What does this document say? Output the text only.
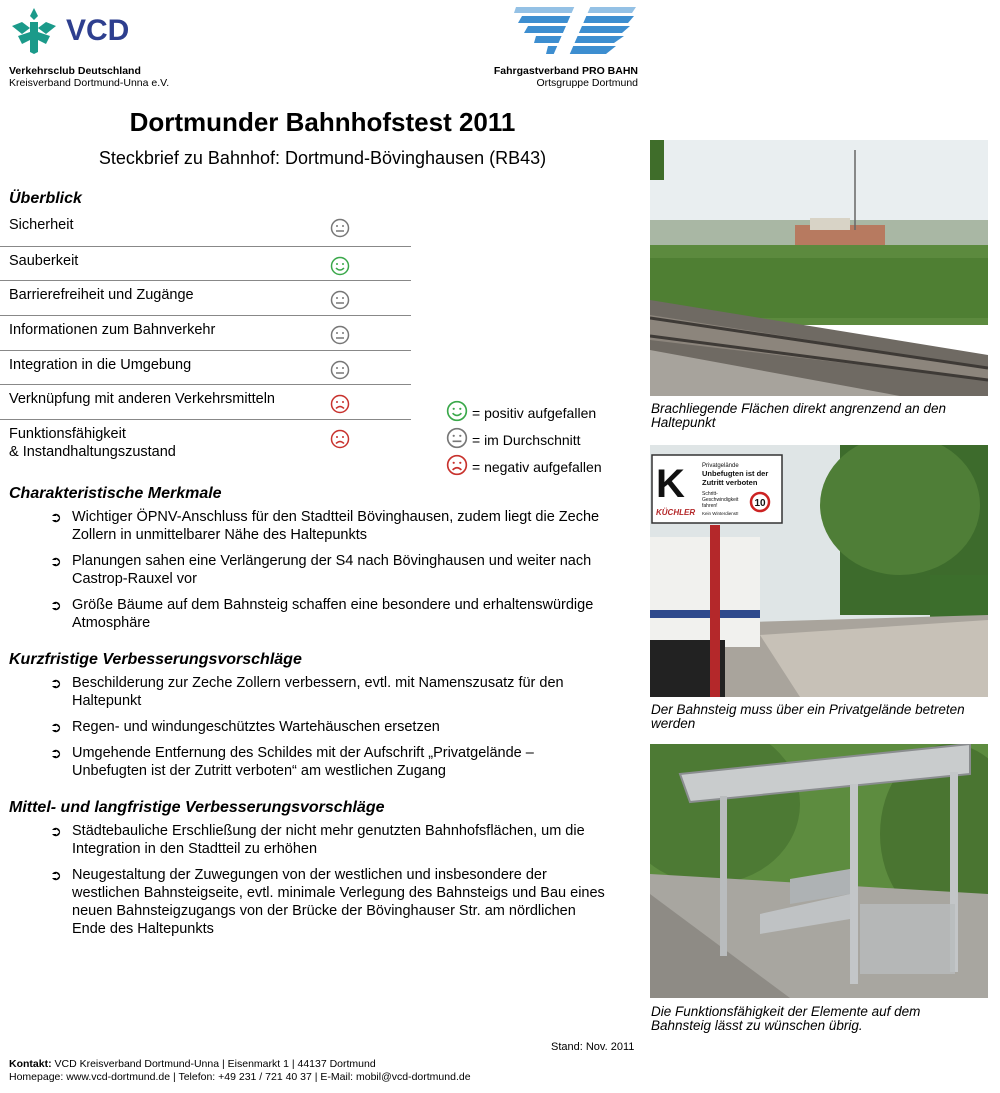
VCD
Verkehrsclub Deutschland
Kreisverband Dortmund-Unna e.V.
Fahrgastverband PRO BAHN
Ortsgruppe Dortmund
Dortmunder Bahnhofstest 2011
Steckbrief zu Bahnhof: Dortmund-Bövinghausen (RB43)
Überblick
Sicherheit
Sauberkeit
Barrierefreiheit und Zugänge
Informationen zum Bahnverkehr
Integration in die Umgebung
Verknüpfung mit anderen Verkehrsmitteln
Funktionsfähigkeit
& Instandhaltungszustand
= positiv aufgefallen
= im Durchschnitt
= negativ aufgefallen
Charakteristische Merkmale
➲ Wichtiger ÖPNV-Anschluss für den Stadtteil Bövinghausen, zudem liegt die Zeche
Zollern in unmittelbarer Nähe des Haltepunkts
➲ Planungen sahen eine Verlängerung der S4 nach Bövinghausen und weiter nach
Castrop-Rauxel vor
➲ Größe Bäume auf dem Bahnsteig schaffen eine besondere und erhaltenswürdige
Atmosphäre
Kurzfristige Verbesserungsvorschläge
➲ Beschilderung zur Zeche Zollern verbessern, evtl. mit Namenszusatz für den
Haltepunkt
➲ Regen- und windungeschütztes Wartehäuschen ersetzen
➲ Umgehende Entfernung des Schildes mit der Aufschrift „Privatgelände –
Unbefugten ist der Zutritt verboten“ am westlichen Zugang
Mittel- und langfristige Verbesserungsvorschläge
➲ Städtebauliche Erschließung der nicht mehr genutzten Bahnhofsflächen, um die
Integration in den Stadtteil zu erhöhen
➲ Neugestaltung der Zuwegungen von der westlichen und insbesondere der
westlichen Bahnsteigseite, evtl. minimale Verlegung des Bahnsteigs und Bau eines
neuen Bahnsteigzugangs von der Brücke der Bövinghauser Str. am nördlichen
Ende des Haltepunkts
Brachliegende Flächen direkt angrenzend an den
Haltepunkt
K
KÜCHLER
Privatgelände
Unbefugten ist der
Zutritt verboten
Schritt-
Geschwindigkeit
fahren!
Kein Winterdienst!
10
Der Bahnsteig muss über ein Privatgelände betreten
werden
Die Funktionsfähigkeit der Elemente auf dem
Bahnsteig lässt zu wünschen übrig.
Stand: Nov. 2011
Kontakt: VCD Kreisverband Dortmund-Unna | Eisenmarkt 1 | 44137 Dortmund
Homepage: www.vcd-dortmund.de | Telefon: +49 231 / 721 40 37 | E-Mail: mobil@vcd-dortmund.de
